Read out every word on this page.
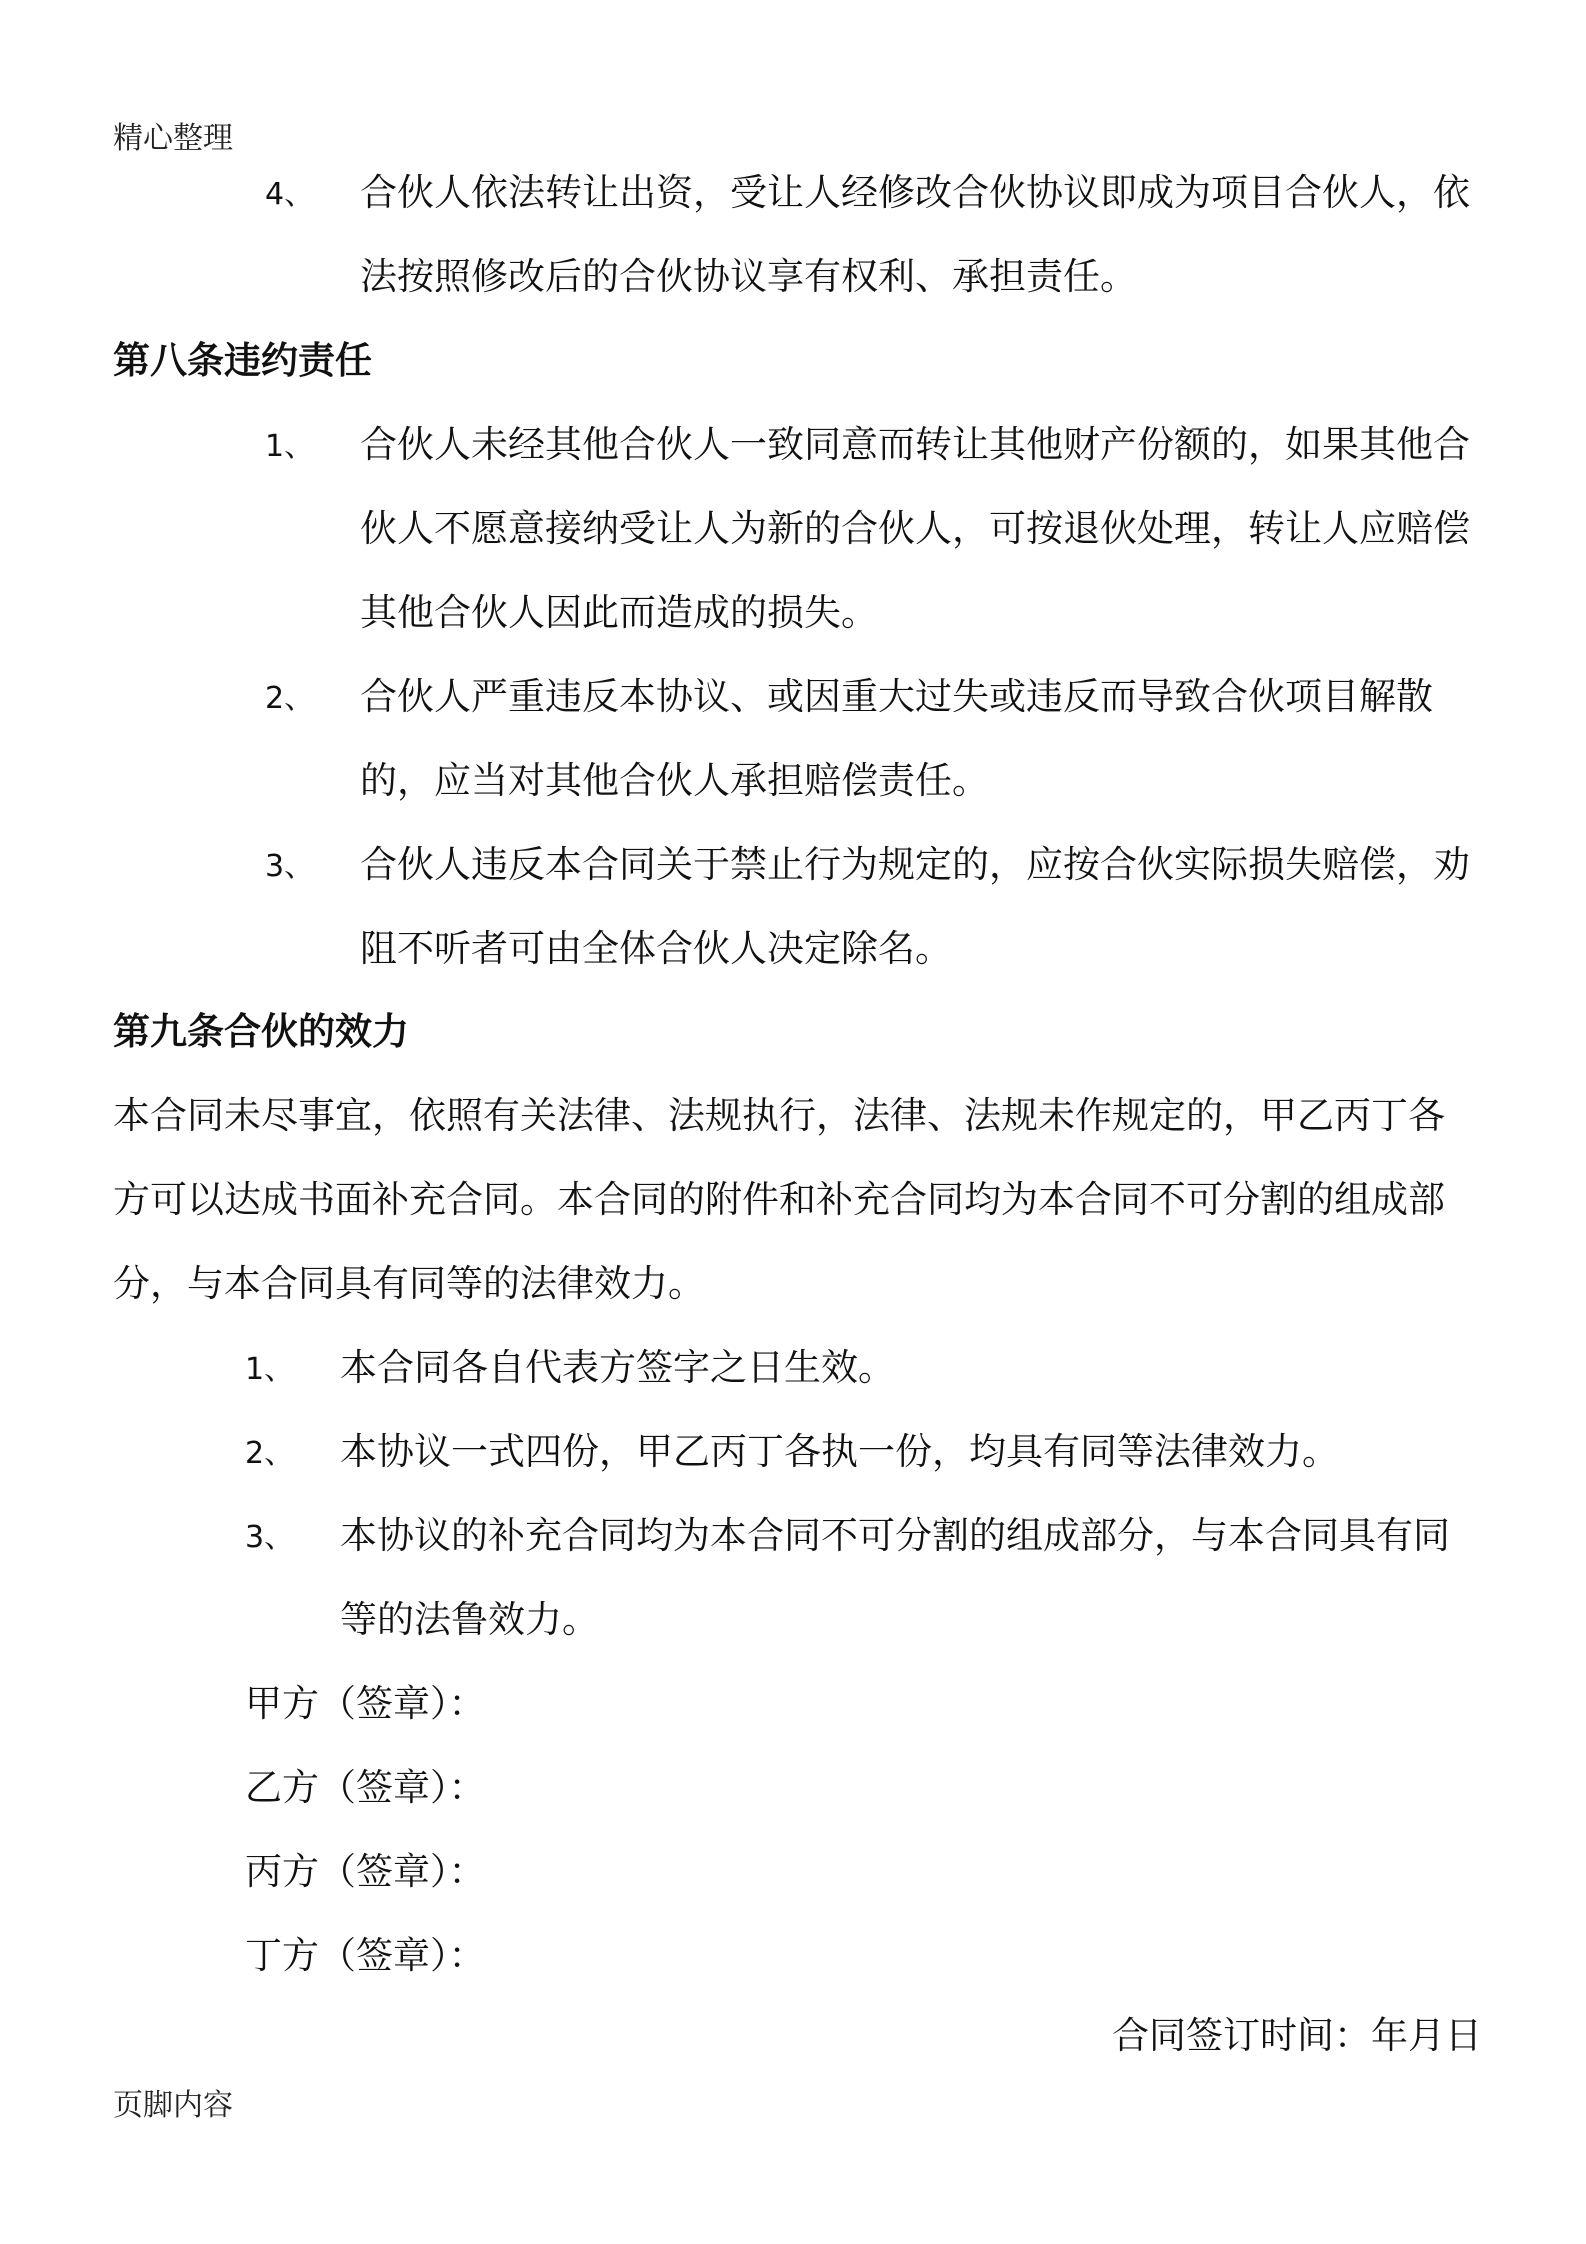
精心整理
4、 合伙人依法转让出资，受让人经修改合伙协议即成为项目合伙人，依
法按照修改后的合伙协议享有权利、承担责任。
第八条违约责任
1、 合伙人未经其他合伙人一致同意而转让其他财产份额的，如果其他合
伙人不愿意接纳受让人为新的合伙人，可按退伙处理，转让人应赔偿
其他合伙人因此而造成的损失。
2、 合伙人严重违反本协议、或因重大过失或违反而导致合伙项目解散
的，应当对其他合伙人承担赔偿责任。
3、 合伙人违反本合同关于禁止行为规定的，应按合伙实际损失赔偿，劝
阻不听者可由全体合伙人决定除名。
第九条合伙的效力
本合同未尽事宜，依照有关法律、法规执行，法律、法规未作规定的，甲乙丙丁各
方可以达成书面补充合同。本合同的附件和补充合同均为本合同不可分割的组成部
分，与本合同具有同等的法律效力。
1、 本合同各自代表方签字之日生效。
2、 本协议一式四份，甲乙丙丁各执一份，均具有同等法律效力。
3、 本协议的补充合同均为本合同不可分割的组成部分，与本合同具有同
等的法鲁效力。
甲方（签章）：
乙方（签章）：
丙方（签章）：
丁方（签章）：
合同签订时间：年月日
页脚内容
